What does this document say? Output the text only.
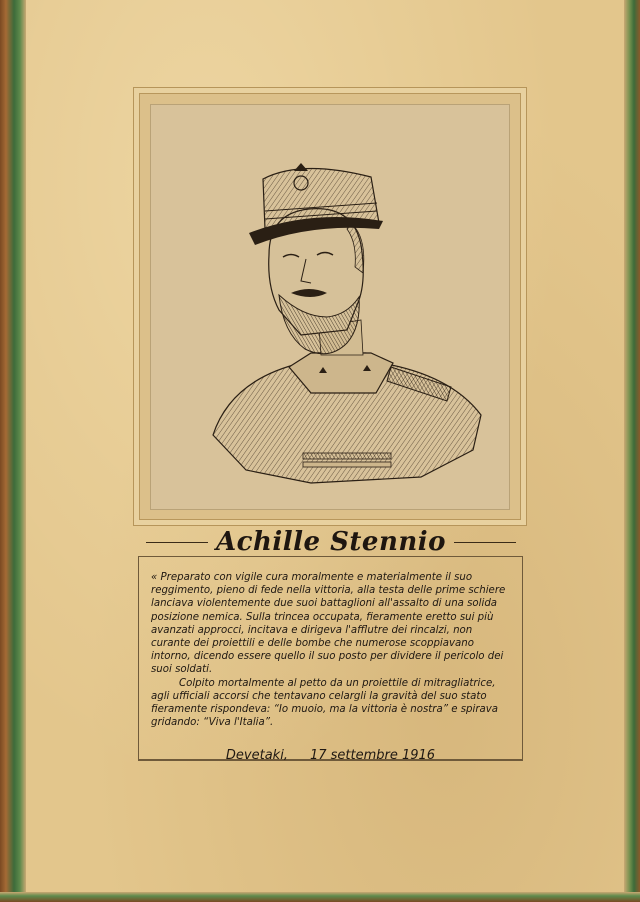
Achille Stennio

« Preparato con vigile cura moralmente e materialmente il suo reggimento, pieno di fede nella vittoria, alla testa delle prime schiere lanciava violentemente due suoi battaglioni all'assalto di una solida posizione nemica. Sulla trincea occupata, fieramente eretto sui più avanzati approcci, incitava e dirigeva l'afflutre dei rincalzi, non curante dei proiettili e delle bombe che numerose scoppiavano intorno, dicendo essere quello il suo posto per dividere il pericolo dei suoi soldati.

Colpito mortalmente al petto da un proiettile di mitragliatrice, agli ufficiali accorsi che tentavano celargli la gravità del suo stato fieramente rispondeva: “Io muoio, ma la vittoria è nostra” e spirava gridando: “Viva l'Italia”.

Devetaki, 17 settembre 1916
